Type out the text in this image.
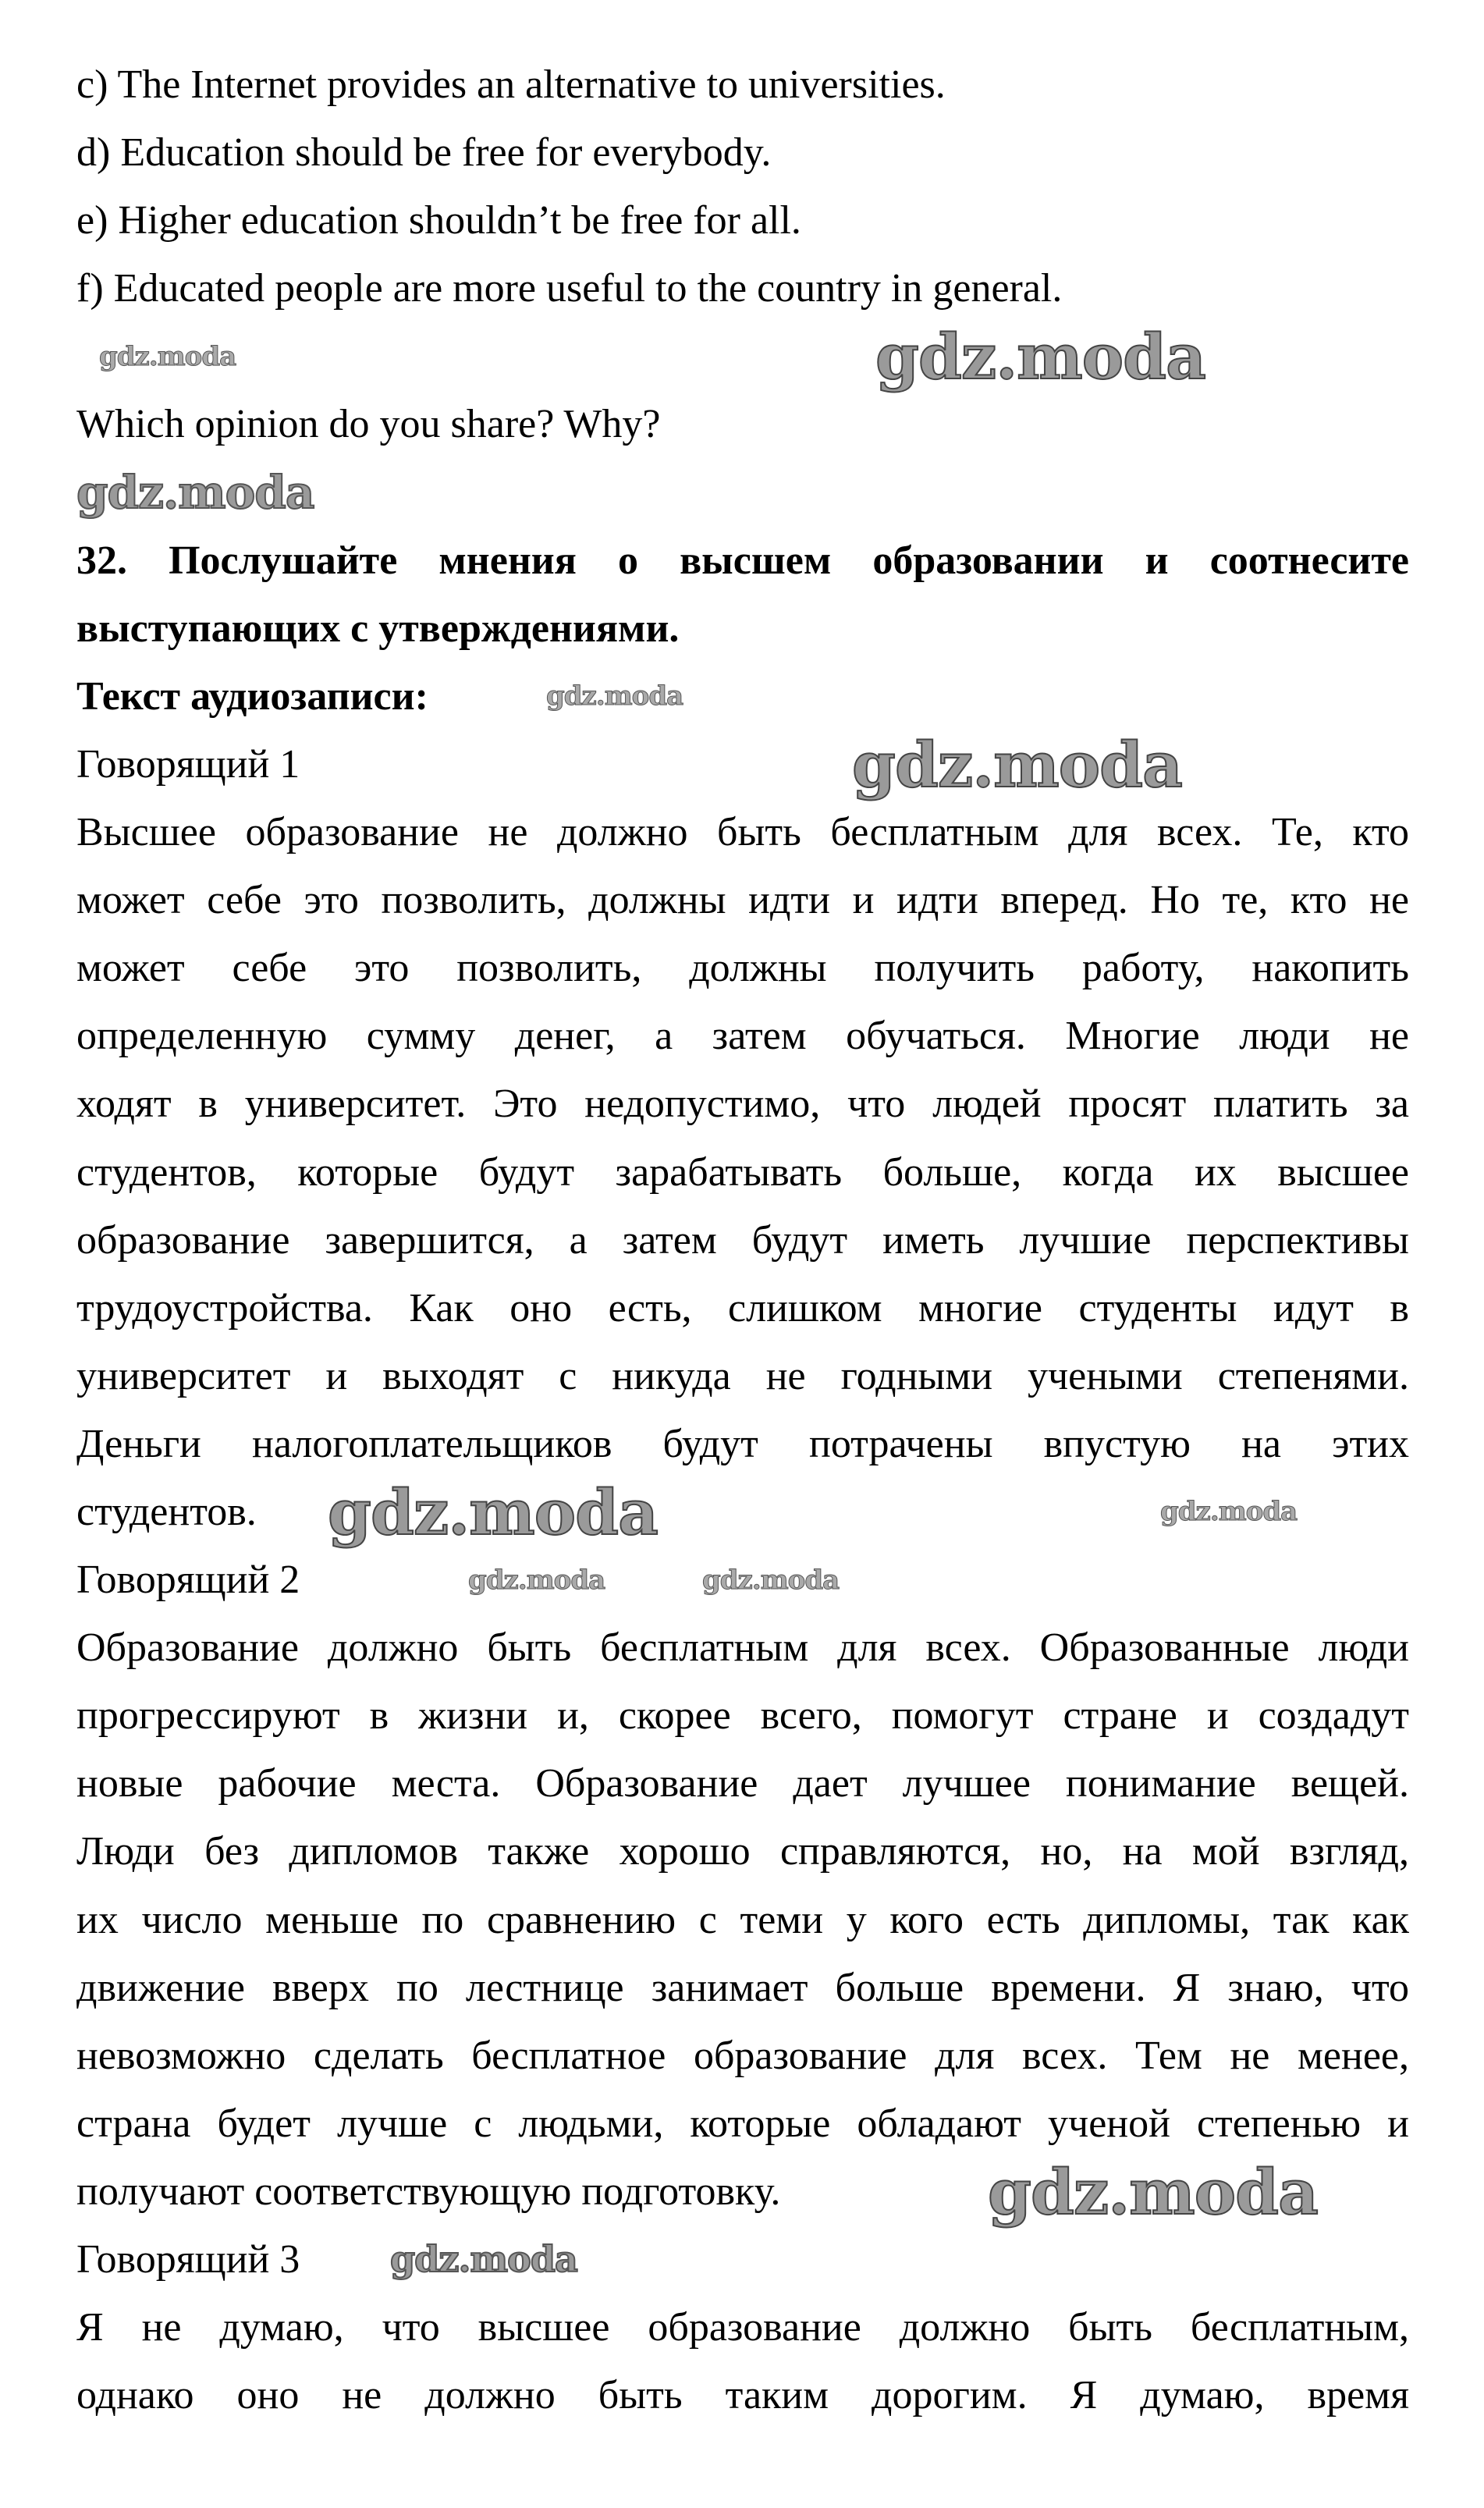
c) The Internet provides an alternative to universities.
d) Education should be free for everybody.
e) Higher education shouldn’t be free for all.
f) Educated people are more useful to the country in general.
Which opinion do you share? Why?
32. Послушайте мнения о высшем образовании и соотнесите
выступающих с утверждениями.
Текст аудиозаписи:
Говорящий 1
Высшее образование не должно быть бесплатным для всех. Те, кто
может себе это позволить, должны идти и идти вперед. Но те, кто не
может себе это позволить, должны получить работу, накопить
определенную сумму денег, а затем обучаться. Многие люди не
ходят в университет. Это недопустимо, что людей просят платить за
студентов, которые будут зарабатывать больше, когда их высшее
образование завершится, а затем будут иметь лучшие перспективы
трудоустройства. Как оно есть, слишком многие студенты идут в
университет и выходят с никуда не годными учеными степенями.
Деньги налогоплательщиков будут потрачены впустую на этих
студентов.
Говорящий 2
Образование должно быть бесплатным для всех. Образованные люди
прогрессируют в жизни и, скорее всего, помогут стране и создадут
новые рабочие места. Образование дает лучшее понимание вещей.
Люди без дипломов также хорошо справляются, но, на мой взгляд,
их число меньше по сравнению с теми у кого есть дипломы, так как
движение вверх по лестнице занимает больше времени. Я знаю, что
невозможно сделать бесплатное образование для всех. Тем не менее,
страна будет лучше с людьми, которые обладают ученой степенью и
получают соответствующую подготовку.
Говорящий 3
Я не думаю, что высшее образование должно быть бесплатным,
однако оно не должно быть таким дорогим. Я думаю, время
gdz.moda	gdz.moda
gdz.moda
gdz.moda
gdz.moda
gdz.moda	gdz.moda
gdz.moda	gdz.moda
gdz.moda
gdz.moda
